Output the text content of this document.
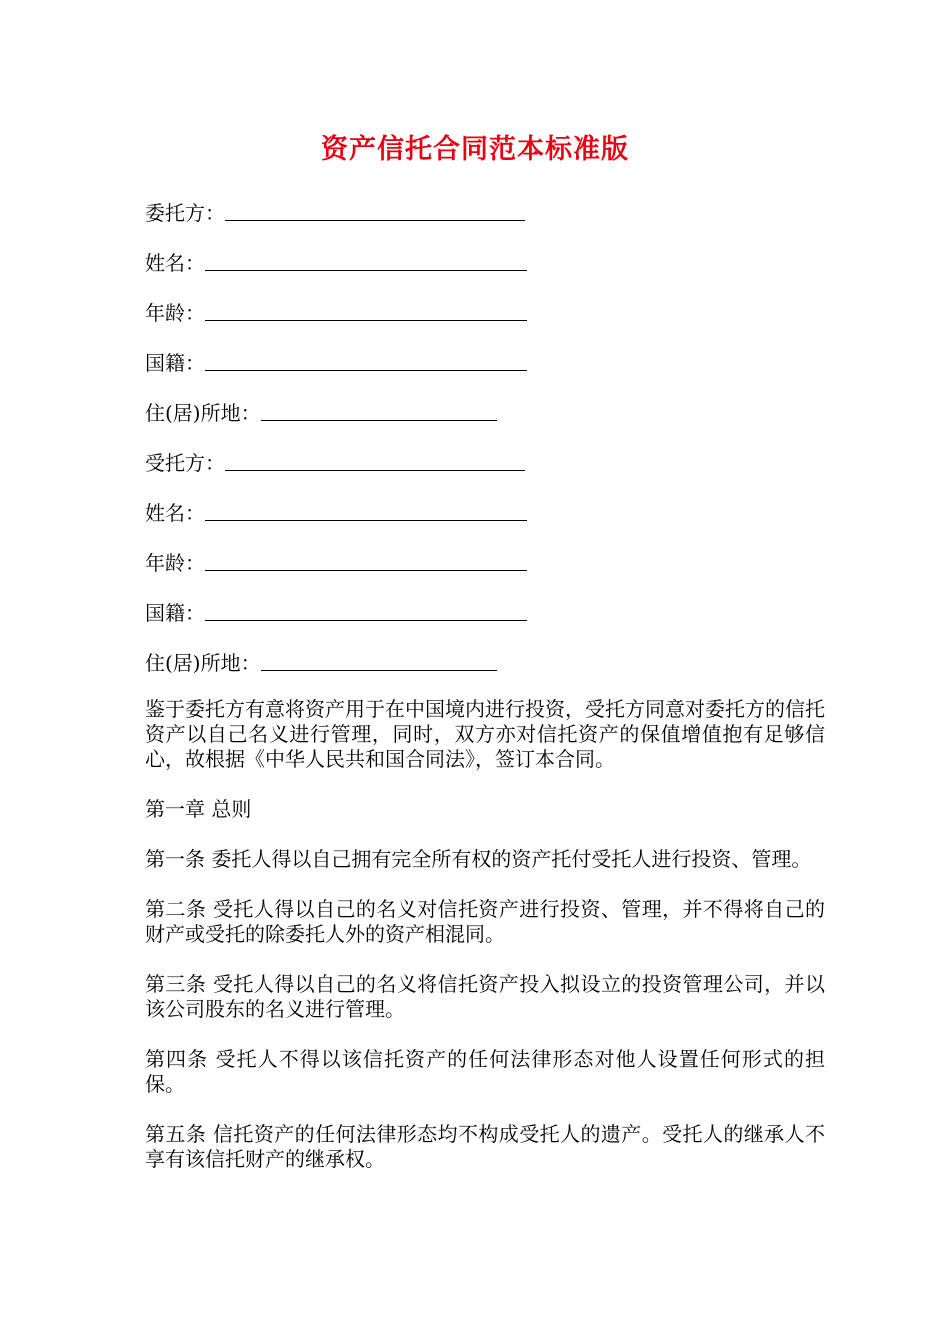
资产信托合同范本标准版
委托方：
姓名：
年龄：
国籍：
住(居)所地：
受托方：
姓名：
年龄：
国籍：
住(居)所地：

鉴于委托方有意将资产用于在中国境内进行投资，受托方同意对委托方的信托资产以自己名义进行管理，同时，双方亦对信托资产的保值增值抱有足够信心，故根据《中华人民共和国合同法》，签订本合同。

第一章 总则

第一条 委托人得以自己拥有完全所有权的资产托付受托人进行投资、管理。

第二条 受托人得以自己的名义对信托资产进行投资、管理，并不得将自己的财产或受托的除委托人外的资产相混同。

第三条 受托人得以自己的名义将信托资产投入拟设立的投资管理公司，并以该公司股东的名义进行管理。

第四条 受托人不得以该信托资产的任何法律形态对他人设置任何形式的担保。

第五条 信托资产的任何法律形态均不构成受托人的遗产。受托人的继承人不享有该信托财产的继承权。
